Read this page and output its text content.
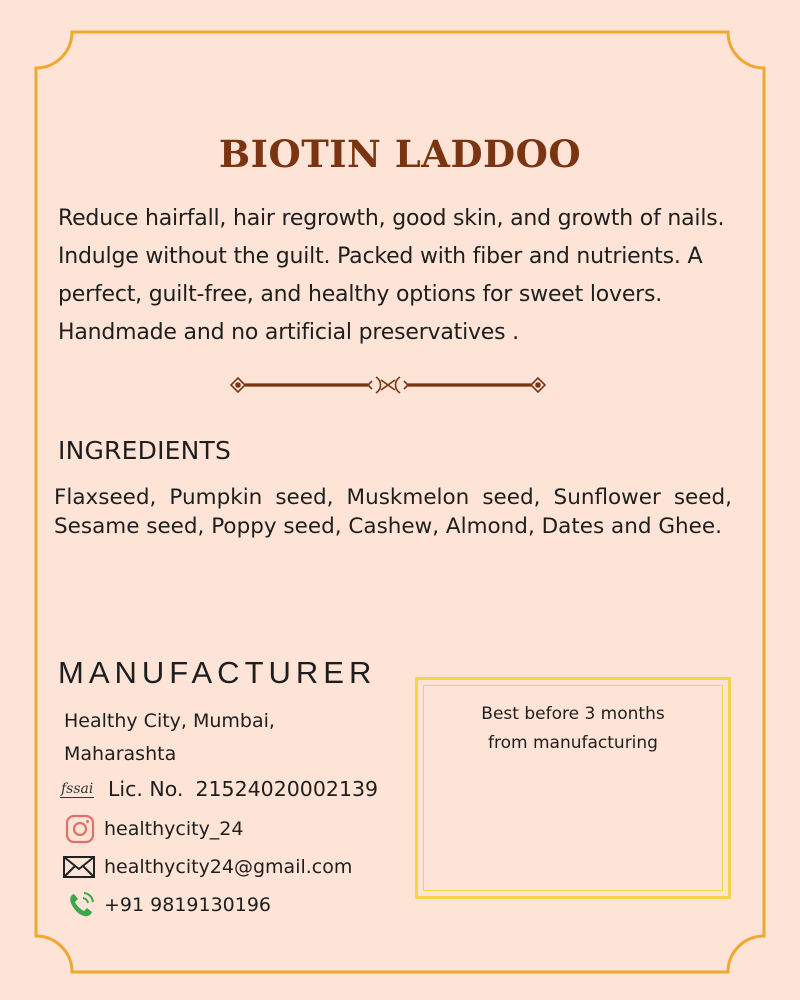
BIOTIN LADDOO
Reduce hairfall, hair regrowth, good skin, and growth of nails. Indulge without the guilt. Packed with fiber and nutrients. A perfect, guilt-free, and healthy options for sweet lovers. Handmade and no artificial preservatives .
INGREDIENTS
Flaxseed, Pumpkin seed, Muskmelon seed, Sunflower seed, Sesame seed, Poppy seed, Cashew, Almond, Dates and Ghee.
MANUFACTURER
Healthy City, Mumbai,
Maharashta
fssai Lic. No. 21524020002139
healthycity_24
healthycity24@gmail.com
+91 9819130196
Best before 3 months
from manufacturing
